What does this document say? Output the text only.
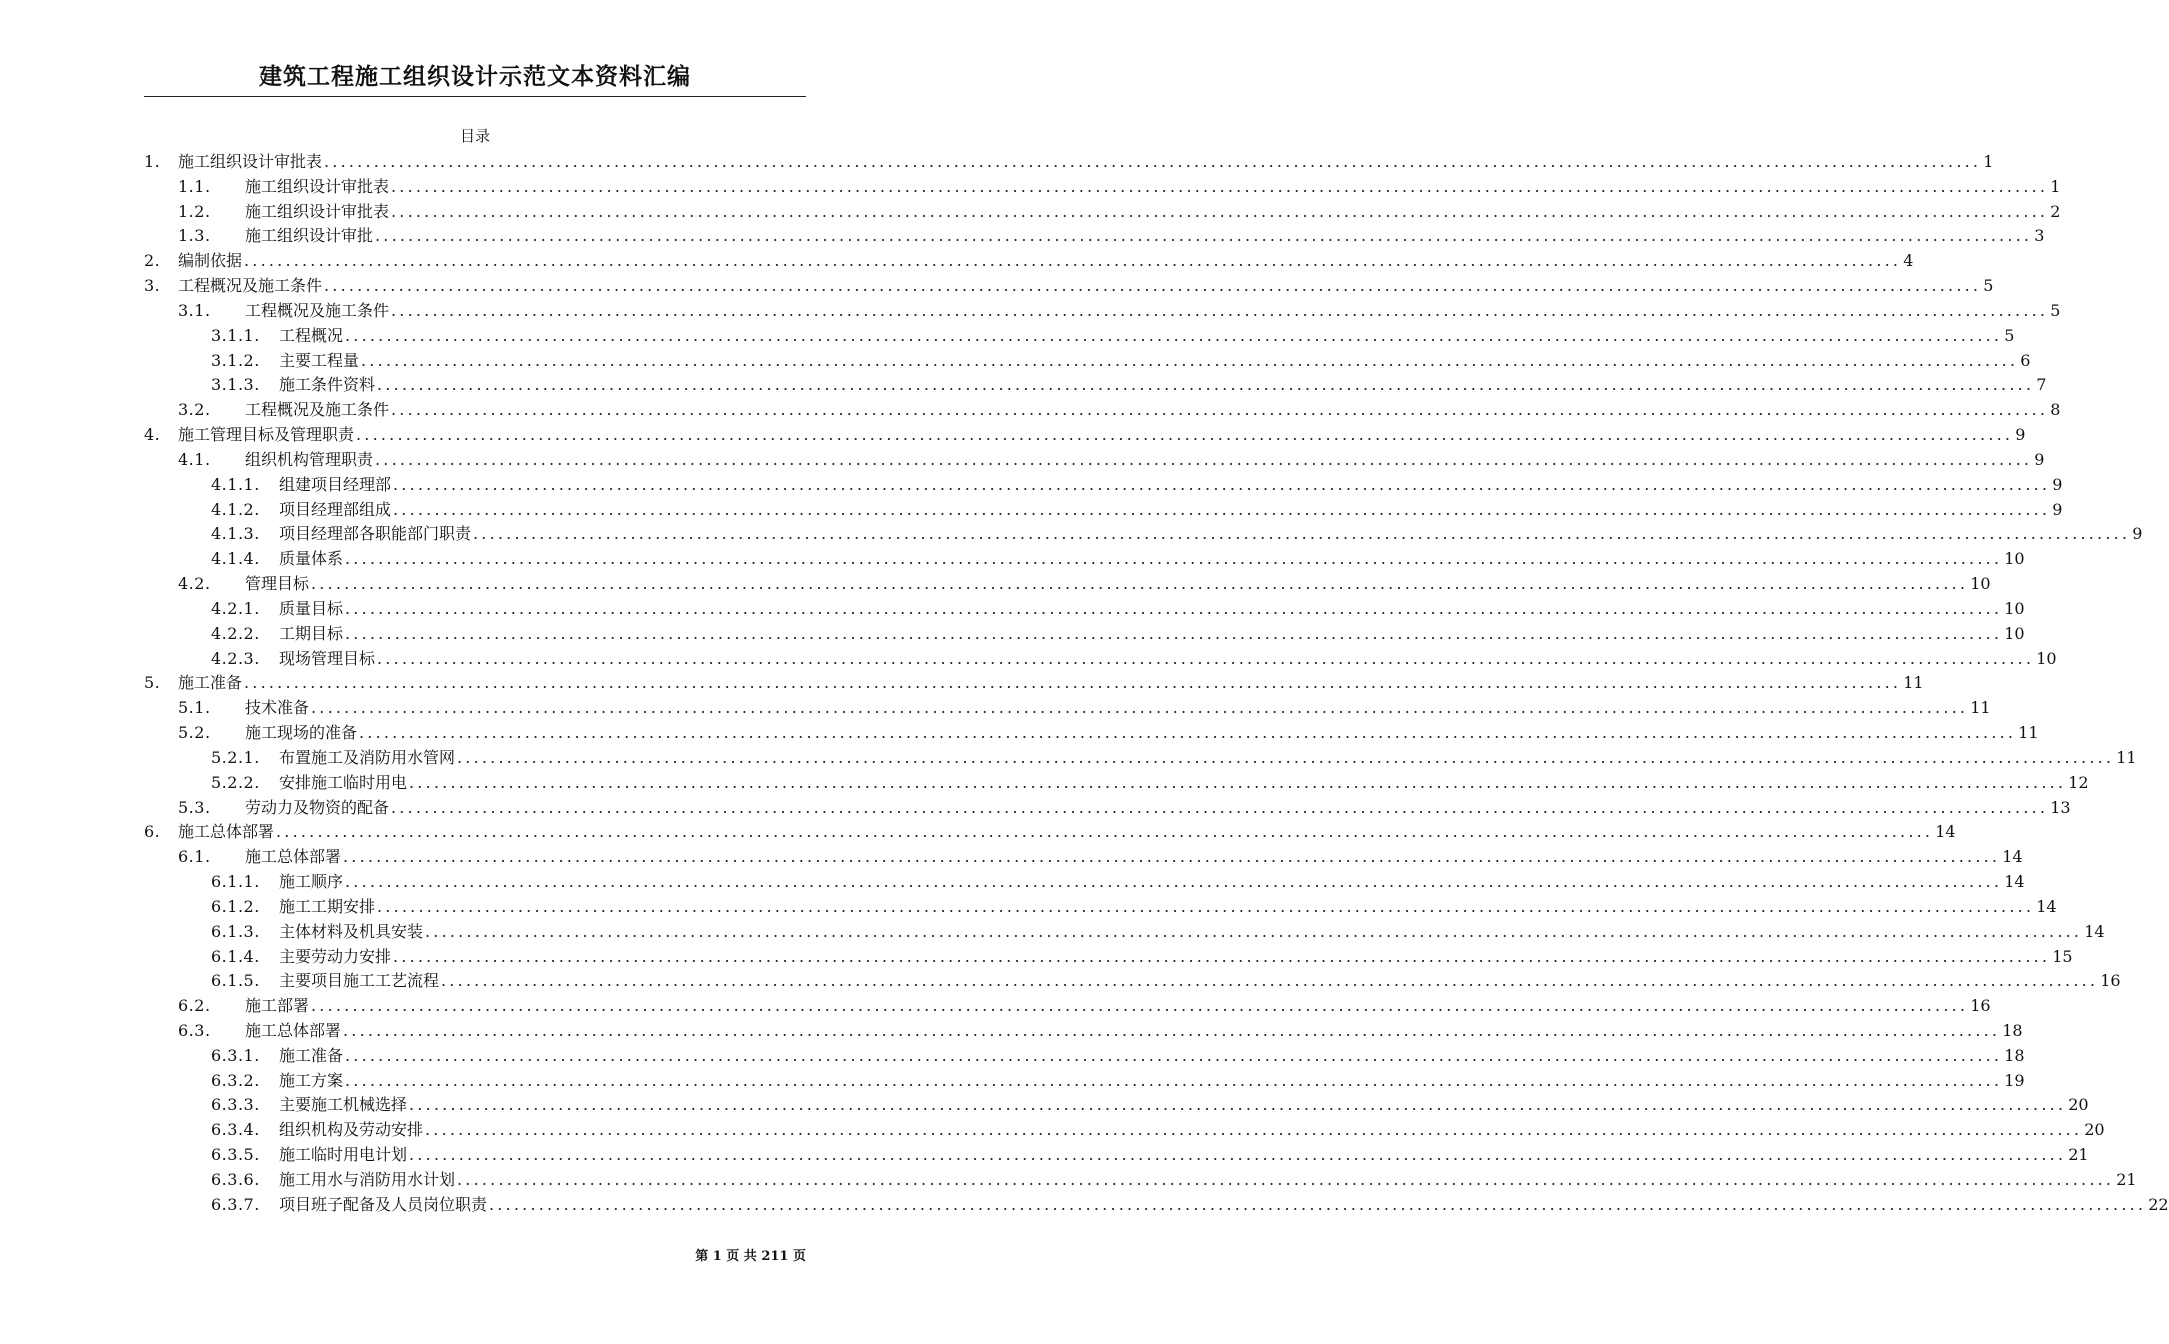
建筑工程施工组织设计示范文本资料汇编
目录
1.	施工组织设计审批表 ........................................................................................................................................................................................................ 1
1.1.	施工组织设计审批表 ........................................................................................................................................................................................................ 1
1.2.	施工组织设计审批表 ........................................................................................................................................................................................................ 2
1.3.	施工组织设计审批 ........................................................................................................................................................................................................ 3
2.	编制依据 ........................................................................................................................................................................................................ 4
3.	工程概况及施工条件 ........................................................................................................................................................................................................ 5
3.1.	工程概况及施工条件 ........................................................................................................................................................................................................ 5
3.1.1.	工程概况 ........................................................................................................................................................................................................ 5
3.1.2.	主要工程量 ........................................................................................................................................................................................................ 6
3.1.3.	施工条件资料 ........................................................................................................................................................................................................ 7
3.2.	工程概况及施工条件 ........................................................................................................................................................................................................ 8
4.	施工管理目标及管理职责 ........................................................................................................................................................................................................ 9
4.1.	组织机构管理职责 ........................................................................................................................................................................................................ 9
4.1.1.	组建项目经理部 ........................................................................................................................................................................................................ 9
4.1.2.	项目经理部组成 ........................................................................................................................................................................................................ 9
4.1.3.	项目经理部各职能部门职责 ........................................................................................................................................................................................................ 9
4.1.4.	质量体系 ........................................................................................................................................................................................................ 10
4.2.	管理目标 ........................................................................................................................................................................................................ 10
4.2.1.	质量目标 ........................................................................................................................................................................................................ 10
4.2.2.	工期目标 ........................................................................................................................................................................................................ 10
4.2.3.	现场管理目标 ........................................................................................................................................................................................................ 10
5.	施工准备 ........................................................................................................................................................................................................ 11
5.1.	技术准备 ........................................................................................................................................................................................................ 11
5.2.	施工现场的准备 ........................................................................................................................................................................................................ 11
5.2.1.	布置施工及消防用水管网 ........................................................................................................................................................................................................ 11
5.2.2.	安排施工临时用电 ........................................................................................................................................................................................................ 12
5.3.	劳动力及物资的配备 ........................................................................................................................................................................................................ 13
6.	施工总体部署 ........................................................................................................................................................................................................ 14
6.1.	施工总体部署 ........................................................................................................................................................................................................ 14
6.1.1.	施工顺序 ........................................................................................................................................................................................................ 14
6.1.2.	施工工期安排 ........................................................................................................................................................................................................ 14
6.1.3.	主体材料及机具安装 ........................................................................................................................................................................................................ 14
6.1.4.	主要劳动力安排 ........................................................................................................................................................................................................ 15
6.1.5.	主要项目施工工艺流程 ........................................................................................................................................................................................................ 16
6.2.	施工部署 ........................................................................................................................................................................................................ 16
6.3.	施工总体部署 ........................................................................................................................................................................................................ 18
6.3.1.	施工准备 ........................................................................................................................................................................................................ 18
6.3.2.	施工方案 ........................................................................................................................................................................................................ 19
6.3.3.	主要施工机械选择 ........................................................................................................................................................................................................ 20
6.3.4.	组织机构及劳动安排 ........................................................................................................................................................................................................ 20
6.3.5.	施工临时用电计划 ........................................................................................................................................................................................................ 21
6.3.6.	施工用水与消防用水计划 ........................................................................................................................................................................................................ 21
6.3.7.	项目班子配备及人员岗位职责 ........................................................................................................................................................................................................ 22
第 1 页 共 211 页
